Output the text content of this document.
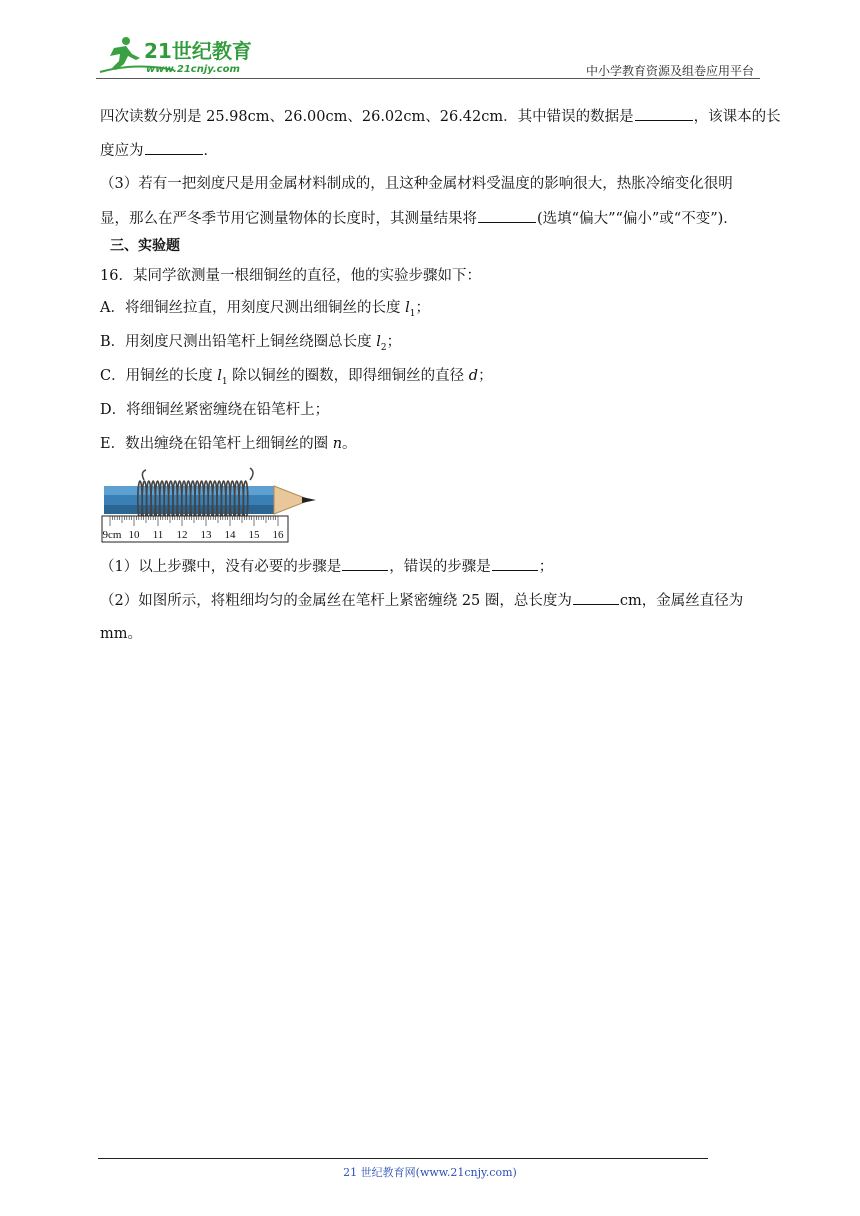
21世纪教育
www.21cnjy.com	中小学教育资源及组卷应用平台
四次读数分别是 25.98cm、26.00cm、26.02cm、26.42cm．其中错误的数据是	，该课本的长
度应为	．
（3）若有一把刻度尺是用金属材料制成的，且这种金属材料受温度的影响很大，热胀冷缩变化很明
显，那么在严冬季节用它测量物体的长度时，其测量结果将	(选填“偏大”“偏小”或“不变”)．
三、实验题
16．某同学欲测量一根细铜丝的直径，他的实验步骤如下：
A．将细铜丝拉直，用刻度尺测出细铜丝的长度 $l_1$；
B．用刻度尺测出铅笔杆上铜丝绕圈总长度 $l_2$；
C．用铜丝的长度 $l_1$ 除以铜丝的圈数，即得细铜丝的直径 d；
D．将细铜丝紧密缠绕在铅笔杆上；
E．数出缠绕在铅笔杆上细铜丝的圈 n。
9cm 10 11 12 13 14 15 16
（1）以上步骤中，没有必要的步骤是	，错误的步骤是	；
（2）如图所示，将粗细均匀的金属丝在笔杆上紧密缠绕 25 圈，总长度为	cm，金属丝直径为
mm。
21 世纪教育网(www.21cnjy.com)
